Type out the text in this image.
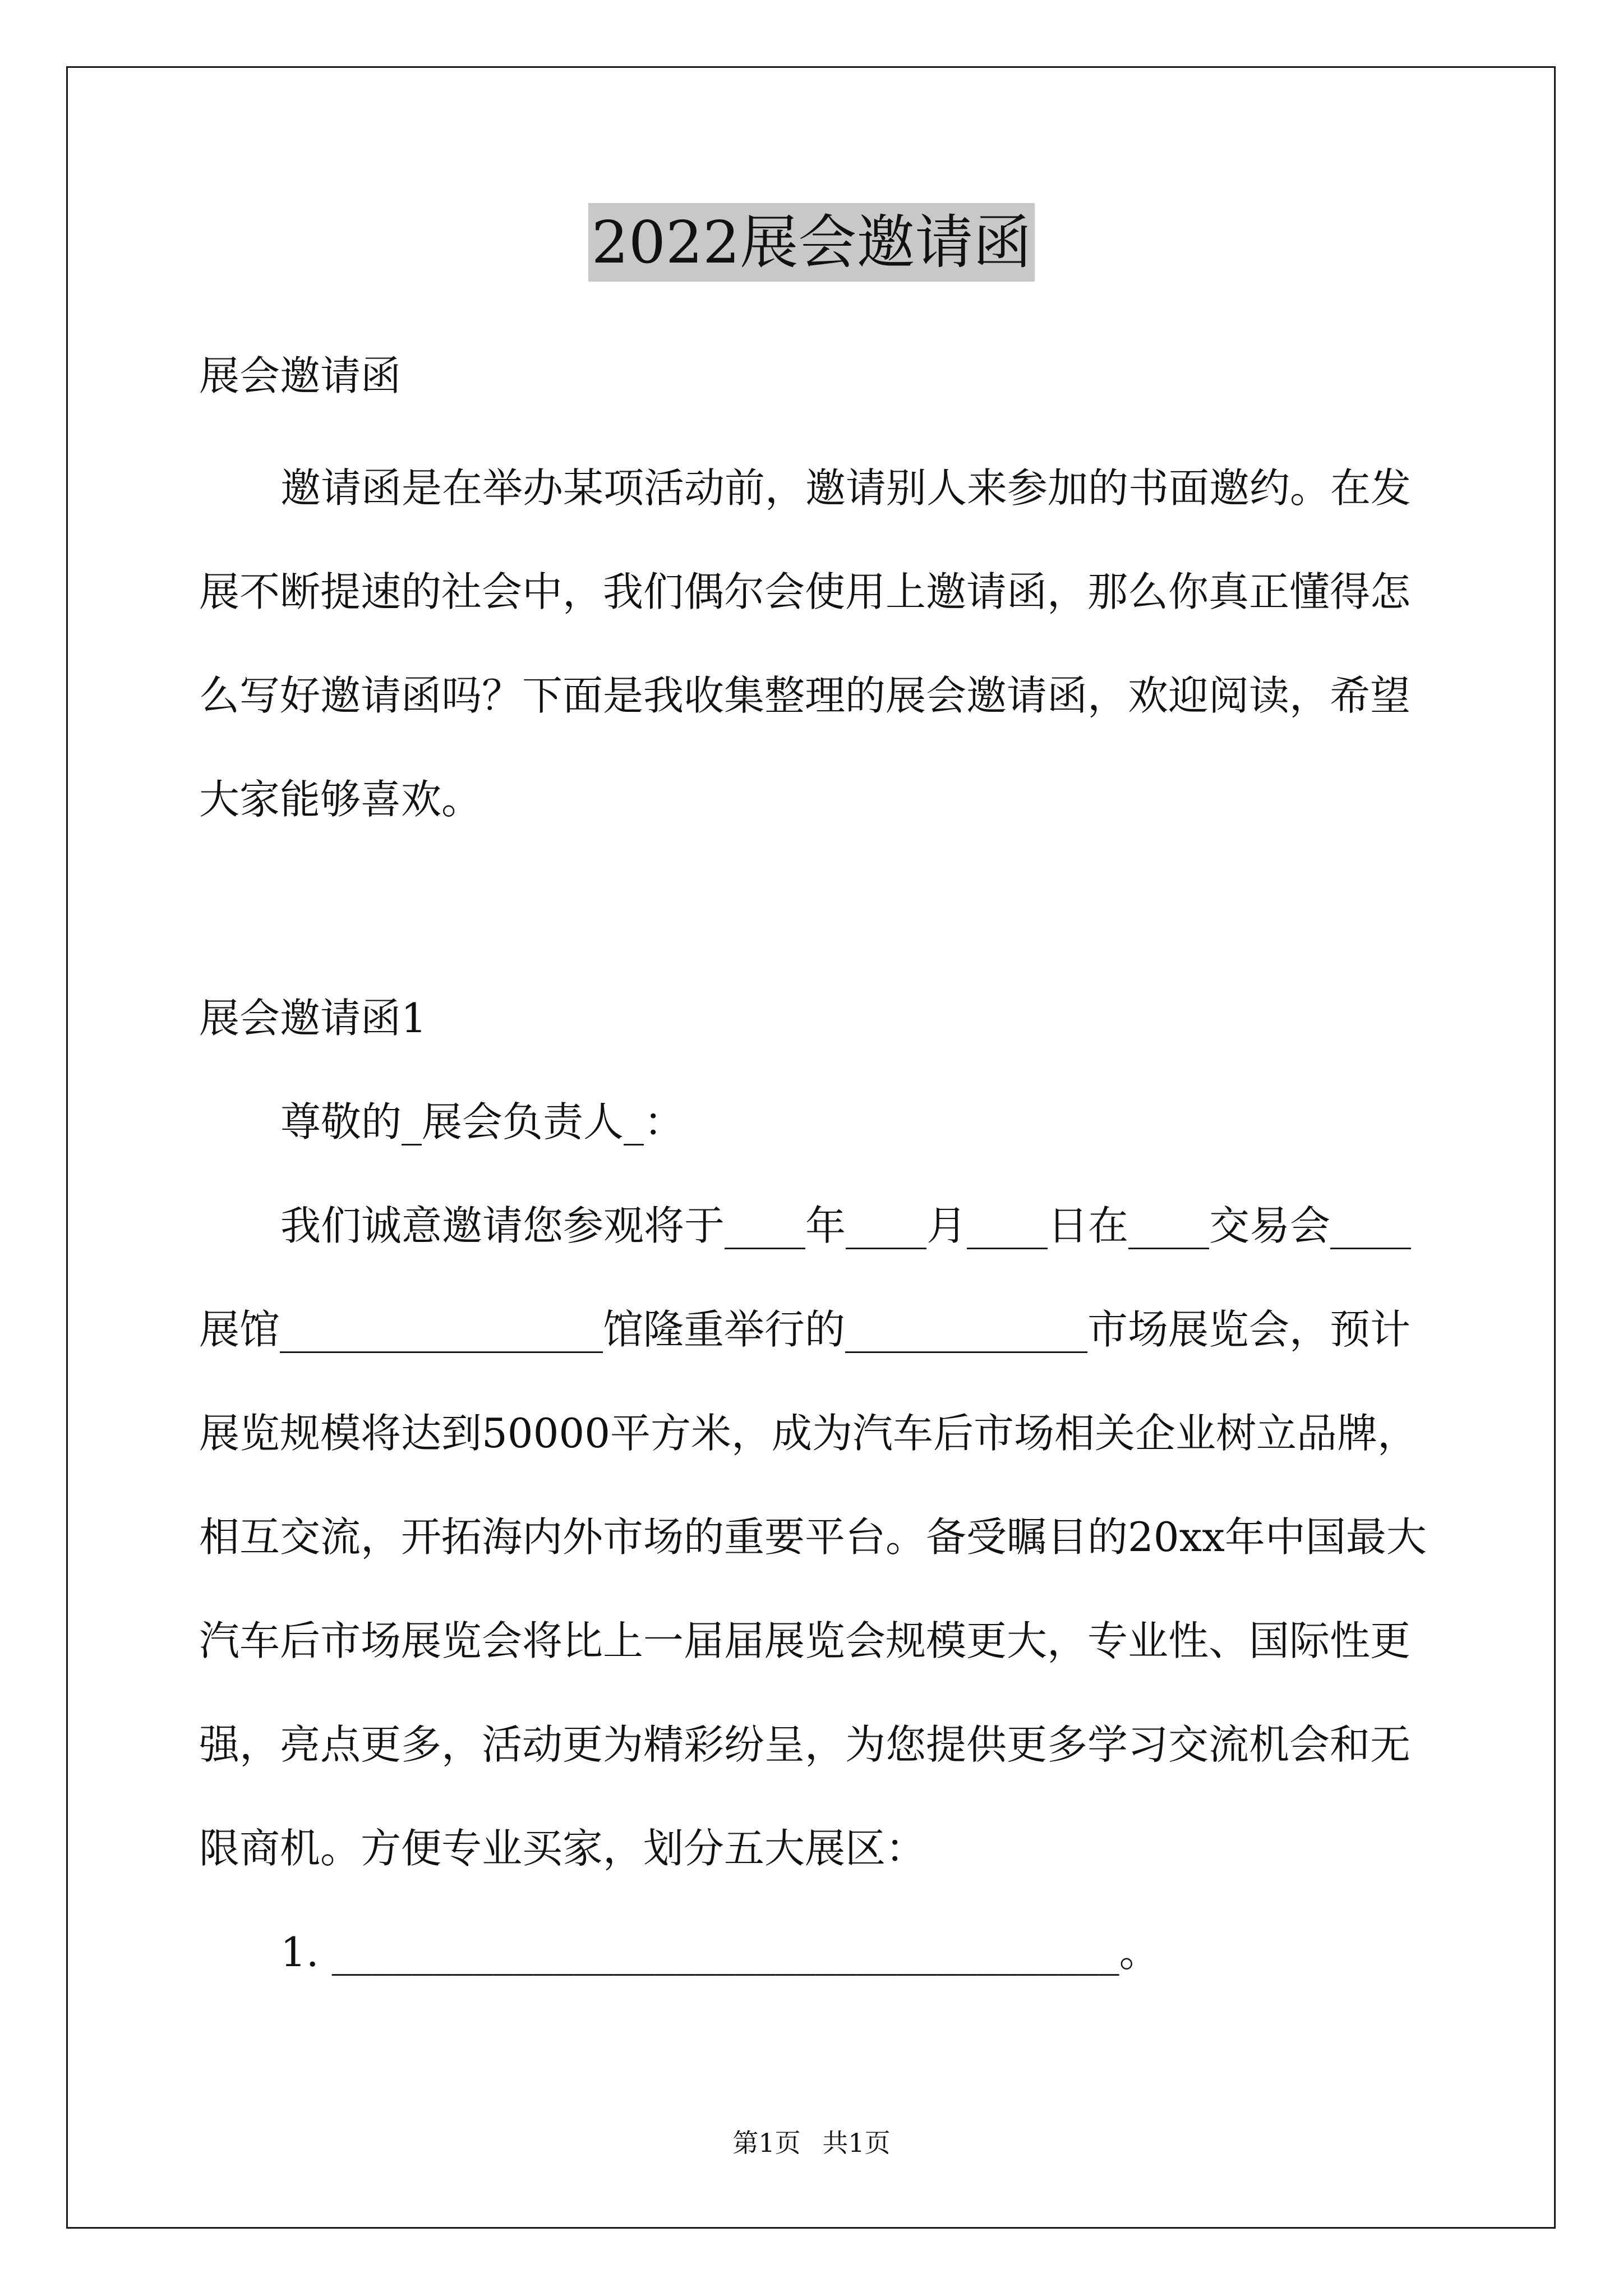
2022展会邀请函
展会邀请函
邀请函是在举办某项活动前，邀请别人来参加的书面邀约。在发
展不断提速的社会中，我们偶尔会使用上邀请函，那么你真正懂得怎
么写好邀请函吗？下面是我收集整理的展会邀请函，欢迎阅读，希望
大家能够喜欢。
展会邀请函1
尊敬的_展会负责人_：
我们诚意邀请您参观将于____年____月____日在____交易会____
展馆________________馆隆重举行的____________市场展览会，预计
展览规模将达到50000平方米，成为汽车后市场相关企业树立品牌，
相互交流，开拓海内外市场的重要平台。备受瞩目的20xx年中国最大
汽车后市场展览会将比上一届届展览会规模更大，专业性、国际性更
强，亮点更多，活动更为精彩纷呈，为您提供更多学习交流机会和无
限商机。方便专业买家，划分五大展区：
1. _______________________________________。
第1页 共1页
